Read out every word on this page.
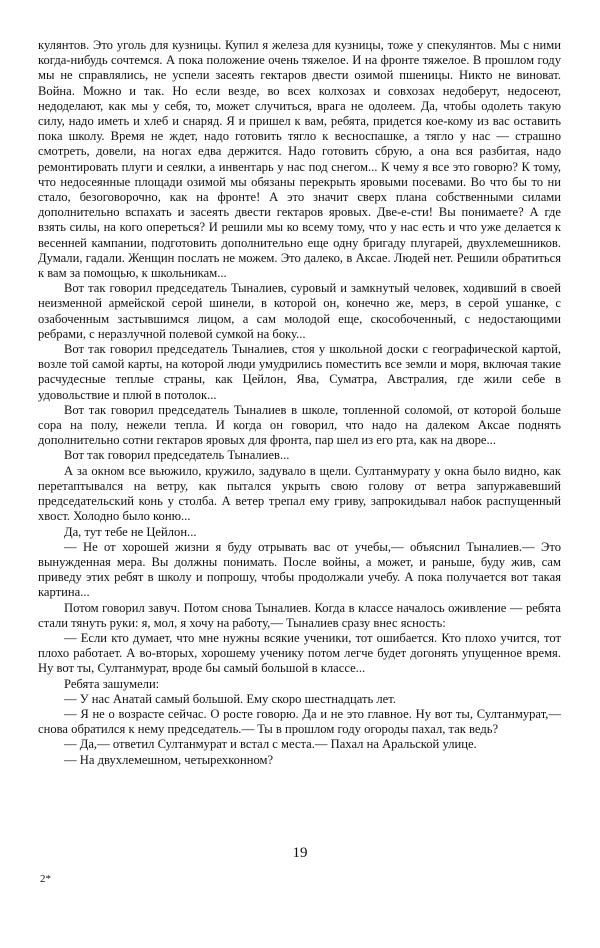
кулянтов. Это уголь для кузницы. Купил я железа для кузницы, тоже у спекулянтов. Мы с ними когда-нибудь сочтемся. А пока положение очень тяжелое. И на фронте тяжелое. В прошлом году мы не справлялись, не успели засеять гектаров двести озимой пшеницы. Никто не виноват. Война. Можно и так. Но если везде, во всех колхозах и совхозах недоберут, недосеют, недоделают, как мы у себя, то, может случиться, врага не одолеем. Да, чтобы одолеть такую силу, надо иметь и хлеб и снаряд. Я и пришел к вам, ребята, придется кое-кому из вас оставить пока школу. Время не ждет, надо готовить тягло к весноспашке, а тягло у нас — страшно смотреть, довели, на ногах едва держится. Надо готовить сбрую, а она вся разбитая, надо ремонтировать плуги и сеялки, а инвентарь у нас под снегом... К чему я все это говорю? К тому, что недосеянные площади озимой мы обязаны перекрыть яровыми посевами. Во что бы то ни стало, безоговорочно, как на фронте! А это значит сверх плана собственными силами дополнительно вспахать и засеять двести гектаров яровых. Две-е-сти! Вы понимаете? А где взять силы, на кого опереться? И решили мы ко всему тому, что у нас есть и что уже делается к весенней кампании, подготовить дополнительно еще одну бригаду плугарей, двухлемешников. Думали, гадали. Женщин послать не можем. Это далеко, в Аксае. Людей нет. Решили обратиться к вам за помощью, к школьникам...

Вот так говорил председатель Тыналиев, суровый и замкнутый человек, ходивший в своей неизменной армейской серой шинели, в которой он, конечно же, мерз, в серой ушанке, с озабоченным застывшимся лицом, а сам молодой еще, скособоченный, с недостающими ребрами, с неразлучной полевой сумкой на боку...

Вот так говорил председатель Тыналиев, стоя у школьной доски с географической картой, возле той самой карты, на которой люди умудрились поместить все земли и моря, включая такие расчудесные теплые страны, как Цейлон, Ява, Суматра, Австралия, где жили себе в удовольствие и плюй в потолок...

Вот так говорил председатель Тыналиев в школе, топленной соломой, от которой больше сора на полу, нежели тепла. И когда он говорил, что надо на далеком Аксае поднять дополнительно сотни гектаров яровых для фронта, пар шел из его рта, как на дворе...

Вот так говорил председатель Тыналиев...

А за окном все вьюжило, кружило, задувало в щели. Султанмурату у окна было видно, как перетаптывался на ветру, как пытался укрыть свою голову от ветра запуржавевший председательский конь у столба. А ветер трепал ему гриву, запрокидывал набок распущенный хвост. Холодно было коню...

Да, тут тебе не Цейлон...

— Не от хорошей жизни я буду отрывать вас от учебы,— объяснил Тыналиев.— Это вынужденная мера. Вы должны понимать. После войны, а может, и раньше, буду жив, сам приведу этих ребят в школу и попрошу, чтобы продолжали учебу. А пока получается вот такая картина...

Потом говорил завуч. Потом снова Тыналиев. Когда в классе началось оживление — ребята стали тянуть руки: я, мол, я хочу на работу,— Тыналиев сразу внес ясность:

— Если кто думает, что мне нужны всякие ученики, тот ошибается. Кто плохо учится, тот плохо работает. А во-вторых, хорошему ученику потом легче будет догонять упущенное время. Ну вот ты, Султанмурат, вроде бы самый большой в классе...

Ребята зашумели:

— У нас Анатай самый большой. Ему скоро шестнадцать лет.

— Я не о возрасте сейчас. О росте говорю. Да и не это главное. Ну вот ты, Султанмурат,— снова обратился к нему председатель.— Ты в прошлом году огороды пахал, так ведь?

— Да,— ответил Султанмурат и встал с места.— Пахал на Аральской улице.

— На двухлемешном, четырехконном?

19
2*
